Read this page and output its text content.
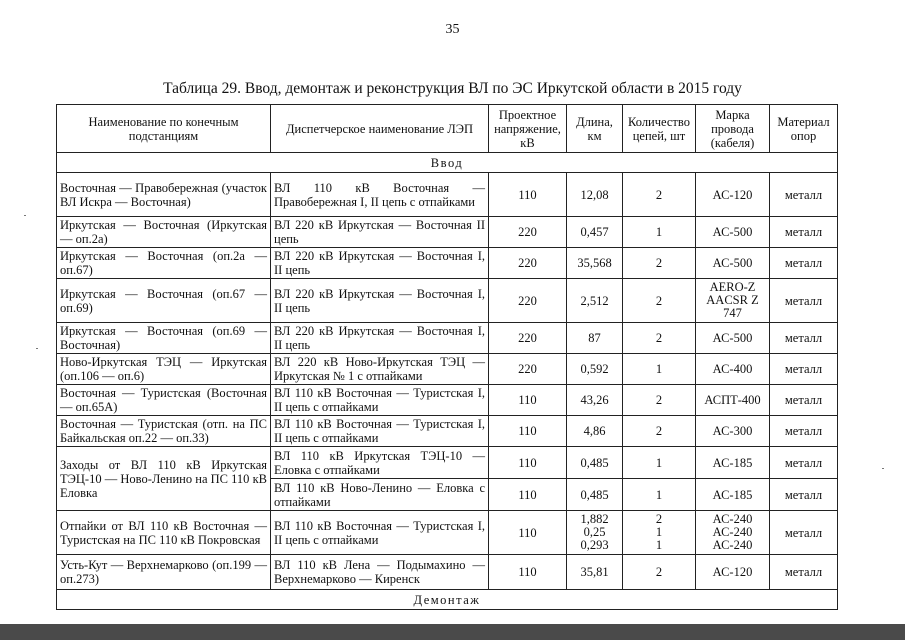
35
Таблица 29. Ввод, демонтаж и реконструкция ВЛ по ЭС Иркутской области в 2015 году
Наименование по конечным подстанциям	Диспетчерское наименование ЛЭП	Проектное напряжение, кВ	Длина, км	Количество цепей, шт	Марка провода (кабеля)	Материал опор
Ввод						
Восточная — Правобережная (участок ВЛ Искра — Восточная)	ВЛ 110 кВ Восточная — Правобережная I, II цепь с отпайками	110	12,08	2	АС-120	металл
Иркутская — Восточная (Иркутская — оп.2а)	ВЛ 220 кВ Иркутская — Восточная II цепь	220	0,457	1	АС-500	металл
Иркутская — Восточная (оп.2а — оп.67)	ВЛ 220 кВ Иркутская — Восточная I, II цепь	220	35,568	2	АС-500	металл
Иркутская — Восточная (оп.67 — оп.69)	ВЛ 220 кВ Иркутская — Восточная I, II цепь	220	2,512	2	AERO-Z
AACSR Z
747	металл
Иркутская — Восточная (оп.69 — Восточная)	ВЛ 220 кВ Иркутская — Восточная I, II цепь	220	87	2	АС-500	металл
Ново-Иркутская ТЭЦ — Иркутская (оп.106 — оп.6)	ВЛ 220 кВ Ново-Иркутская ТЭЦ — Иркутская № 1 с отпайками	220	0,592	1	АС-400	металл
Восточная — Туристская (Восточная — оп.65А)	ВЛ 110 кВ Восточная — Туристская I, II цепь с отпайками	110	43,26	2	АСПТ-400	металл
Восточная — Туристская (отп. на ПС Байкальская оп.22 — оп.33)	ВЛ 110 кВ Восточная — Туристская I, II цепь с отпайками	110	4,86	2	АС-300	металл
Заходы от ВЛ 110 кВ Иркутская ТЭЦ-10 — Ново-Ленино на ПС 110 кВ Еловка	ВЛ 110 кВ Иркутская ТЭЦ-10 — Еловка с отпайками	110	0,485	1	АС-185	металл
	ВЛ 110 кВ Ново-Ленино — Еловка с отпайками	110	0,485	1	АС-185	металл
Отпайки от ВЛ 110 кВ Восточная — Туристская на ПС 110 кВ Покровская	ВЛ 110 кВ Восточная — Туристская I, II цепь с отпайками	110	1,882
0,25
0,293	2
1
1	АС-240
АС-240
АС-240	металл
Усть-Кут — Верхнемарково (оп.199 — оп.273)	ВЛ 110 кВ Лена — Подымахино — Верхнемарково — Киренск	110	35,81	2	АС-120	металл
Демонтаж						
